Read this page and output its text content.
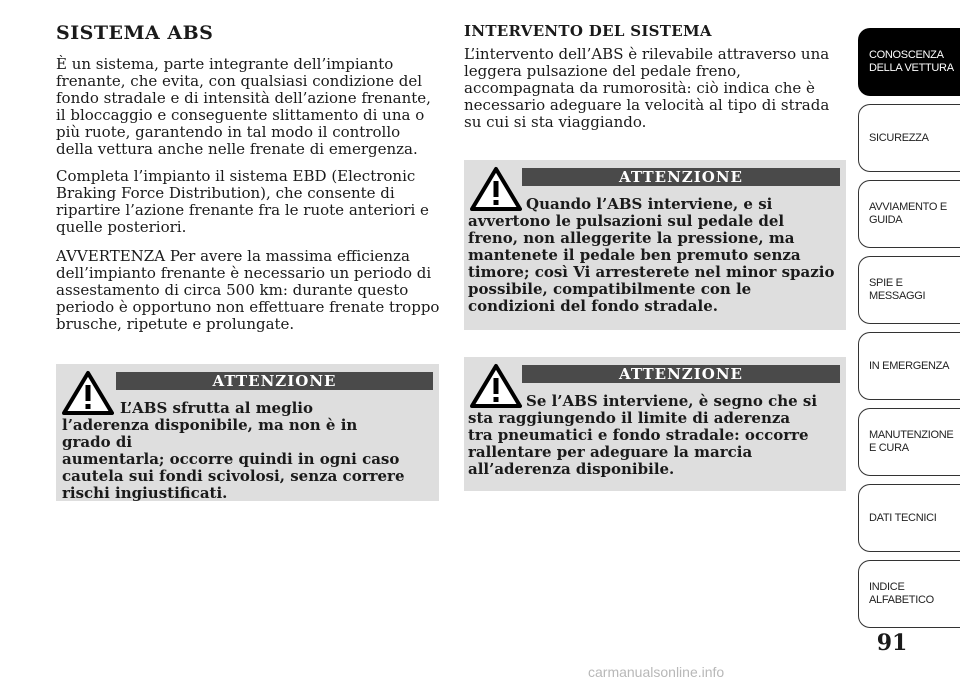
SISTEMA ABS

È un sistema, parte integrante dell’impianto frenante, che evita, con qualsiasi condizione del fondo stradale e di intensità dell’azione frenante, il bloccaggio e conseguente slittamento di una o più ruote, garantendo in tal modo il controllo della vettura anche nelle frenate di emergenza.

Completa l’impianto il sistema EBD (Electronic Braking Force Distribution), che consente di ripartire l’azione frenante fra le ruote anteriori e quelle posteriori.

AVVERTENZA Per avere la massima efficienza dell’impianto frenante è necessario un periodo di assestamento di circa 500 km: durante questo periodo è opportuno non effettuare frenate troppo brusche, ripetute e prolungate.

ATTENZIONE
L’ABS sfrutta al meglio l’aderenza disponibile, ma non è in grado di
aumentarla; occorre quindi in ogni caso cautela sui fondi scivolosi, senza correre rischi ingiustificati.
INTERVENTO DEL SISTEMA

L’intervento dell’ABS è rilevabile attraverso una leggera pulsazione del pedale freno, accompagnata da rumorosità: ciò indica che è necessario adeguare la velocità al tipo di strada su cui si sta viaggiando.

ATTENZIONE
Quando l’ABS interviene, e si avvertono le pulsazioni sul pedale del
freno, non alleggerite la pressione, ma mantenete il pedale ben premuto senza timore; così Vi arresterete nel minor spazio possibile, compatibilmente con le condizioni del fondo stradale.
ATTENZIONE
Se l’ABS interviene, è segno che si sta raggiungendo il limite di aderenza
tra pneumatici e fondo stradale: occorre rallentare per adeguare la marcia all’aderenza disponibile.
CONOSCENZA DELLA VETTURA
SICUREZZA
AVVIAMENTO E GUIDA
SPIE E MESSAGGI
IN EMERGENZA
MANUTENZIONE E CURA
DATI TECNICI
INDICE ALFABETICO
91
carmanualsonline.info
